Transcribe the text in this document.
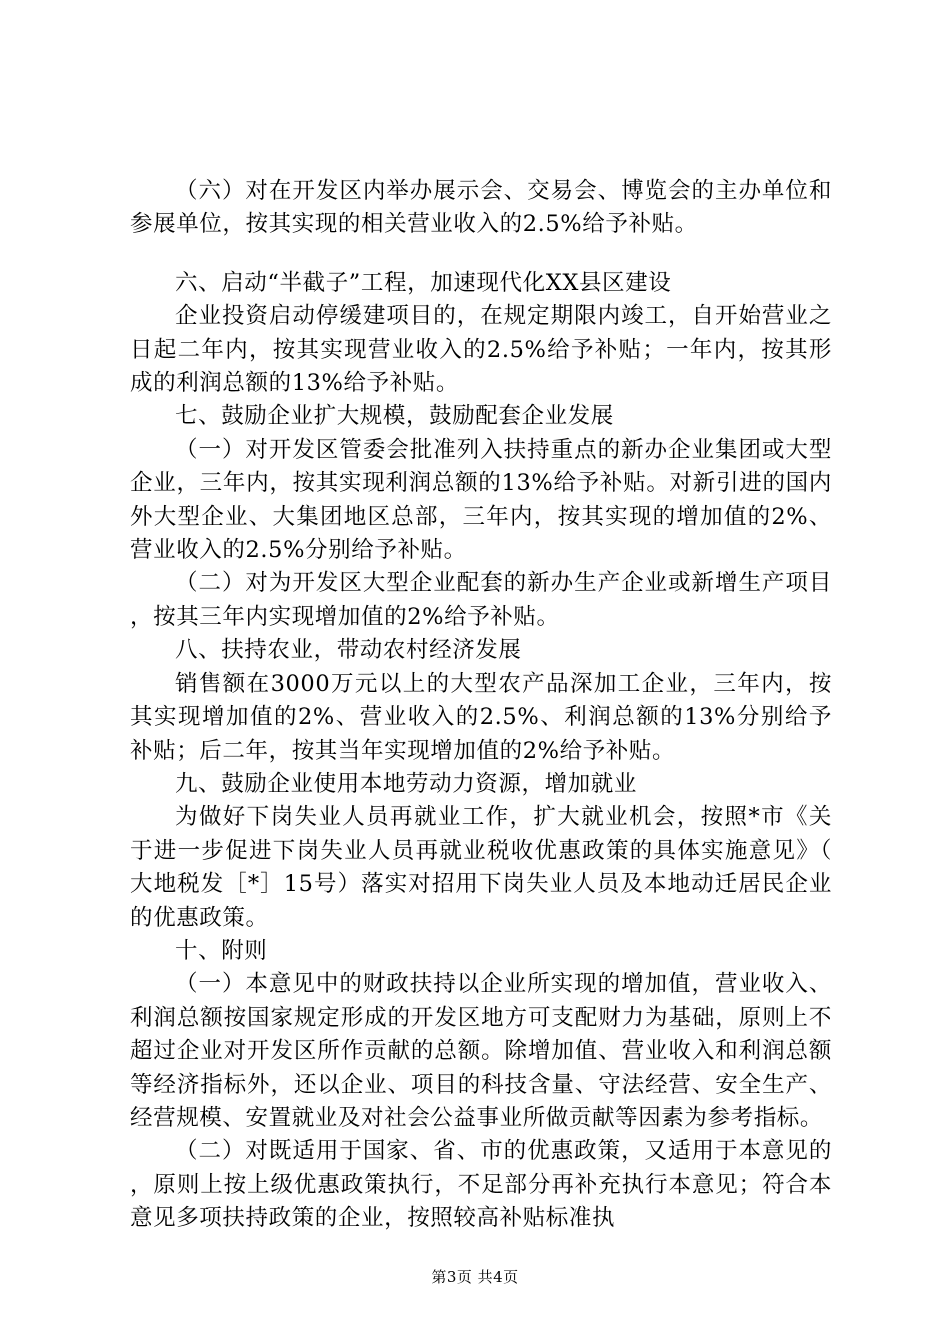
（六）对在开发区内举办展示会、交易会、博览会的主办单位和参展单位，按其实现的相关营业收入的2.5%给予补贴。

六、启动“半截子”工程，加速现代化XX县区建设

企业投资启动停缓建项目的，在规定期限内竣工，自开始营业之日起二年内，按其实现营业收入的2.5%给予补贴；一年内，按其形成的利润总额的13%给予补贴。

七、鼓励企业扩大规模，鼓励配套企业发展

（一）对开发区管委会批准列入扶持重点的新办企业集团或大型企业，三年内，按其实现利润总额的13%给予补贴。对新引进的国内外大型企业、大集团地区总部，三年内，按其实现的增加值的2%、营业收入的2.5%分别给予补贴。

（二）对为开发区大型企业配套的新办生产企业或新增生产项目，按其三年内实现增加值的2%给予补贴。

八、扶持农业，带动农村经济发展

销售额在3000万元以上的大型农产品深加工企业，三年内，按其实现增加值的2%、营业收入的2.5%、利润总额的13%分别给予补贴；后二年，按其当年实现增加值的2%给予补贴。

九、鼓励企业使用本地劳动力资源，增加就业

为做好下岗失业人员再就业工作，扩大就业机会，按照*市《关于进一步促进下岗失业人员再就业税收优惠政策的具体实施意见》（大地税发［*］15号）落实对招用下岗失业人员及本地动迁居民企业的优惠政策。

十、附则

（一）本意见中的财政扶持以企业所实现的增加值，营业收入、利润总额按国家规定形成的开发区地方可支配财力为基础，原则上不超过企业对开发区所作贡献的总额。除增加值、营业收入和利润总额等经济指标外，还以企业、项目的科技含量、守法经营、安全生产、经营规模、安置就业及对社会公益事业所做贡献等因素为参考指标。

（二）对既适用于国家、省、市的优惠政策，又适用于本意见的，原则上按上级优惠政策执行，不足部分再补充执行本意见；符合本意见多项扶持政策的企业，按照较高补贴标准执

第3页 共4页
